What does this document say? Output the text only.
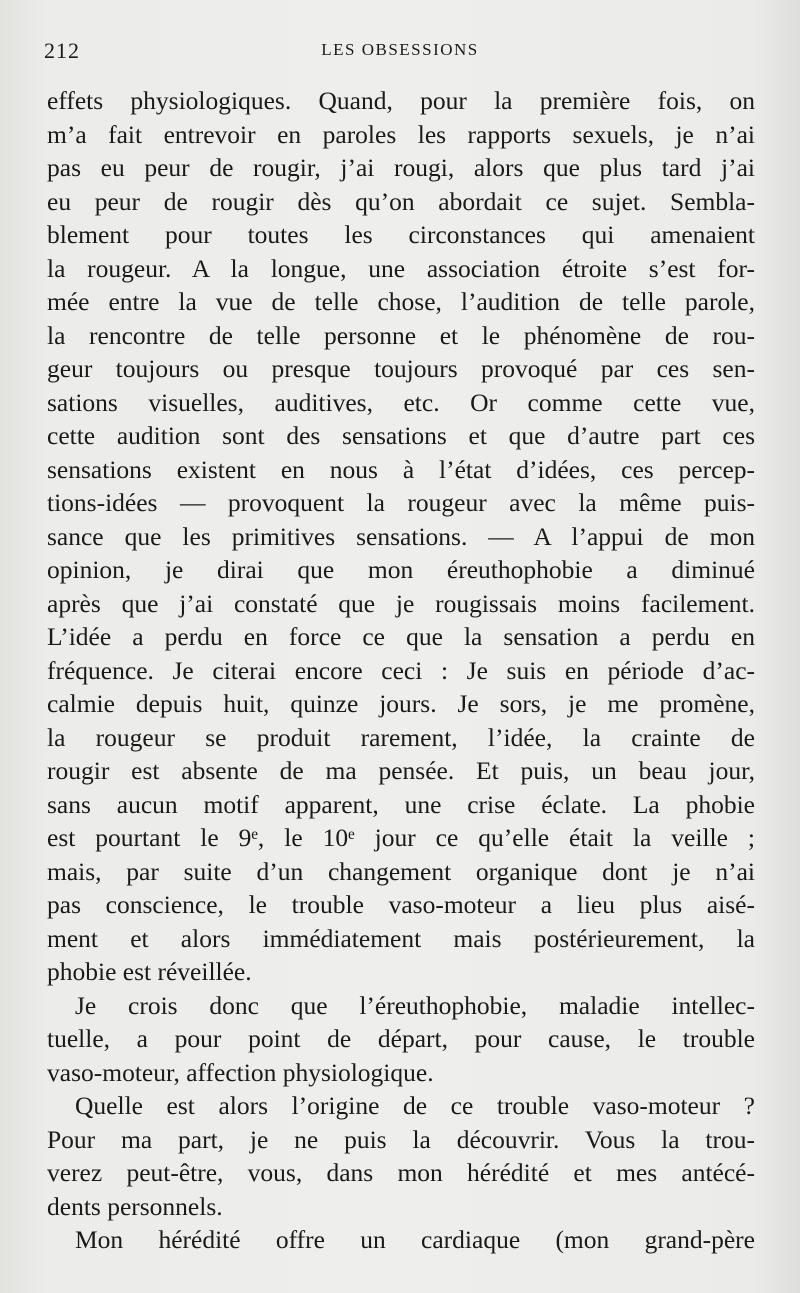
212	LES OBSESSIONS
effets physiologiques. Quand, pour la première fois, on
m’a fait entrevoir en paroles les rapports sexuels, je n’ai
pas eu peur de rougir, j’ai rougi, alors que plus tard j’ai
eu peur de rougir dès qu’on abordait ce sujet. Sembla-
blement pour toutes les circonstances qui amenaient
la rougeur. A la longue, une association étroite s’est for-
mée entre la vue de telle chose, l’audition de telle parole,
la rencontre de telle personne et le phénomène de rou-
geur toujours ou presque toujours provoqué par ces sen-
sations visuelles, auditives, etc. Or comme cette vue,
cette audition sont des sensations et que d’autre part ces
sensations existent en nous à l’état d’idées, ces percep-
tions-idées — provoquent la rougeur avec la même puis-
sance que les primitives sensations. — A l’appui de mon
opinion, je dirai que mon éreuthophobie a diminué
après que j’ai constaté que je rougissais moins facilement.
L’idée a perdu en force ce que la sensation a perdu en
fréquence. Je citerai encore ceci : Je suis en période d’ac-
calmie depuis huit, quinze jours. Je sors, je me promène,
la rougeur se produit rarement, l’idée, la crainte de
rougir est absente de ma pensée. Et puis, un beau jour,
sans aucun motif apparent, une crise éclate. La phobie
est pourtant le 9ᵉ, le 10ᵉ jour ce qu’elle était la veille ;
mais, par suite d’un changement organique dont je n’ai
pas conscience, le trouble vaso-moteur a lieu plus aisé-
ment et alors immédiatement mais postérieurement, la
phobie est réveillée.
Je crois donc que l’éreuthophobie, maladie intellec-
tuelle, a pour point de départ, pour cause, le trouble
vaso-moteur, affection physiologique.
Quelle est alors l’origine de ce trouble vaso-moteur ?
Pour ma part, je ne puis la découvrir. Vous la trou-
verez peut-être, vous, dans mon hérédité et mes antécé-
dents personnels.
Mon hérédité offre un cardiaque (mon grand-père
